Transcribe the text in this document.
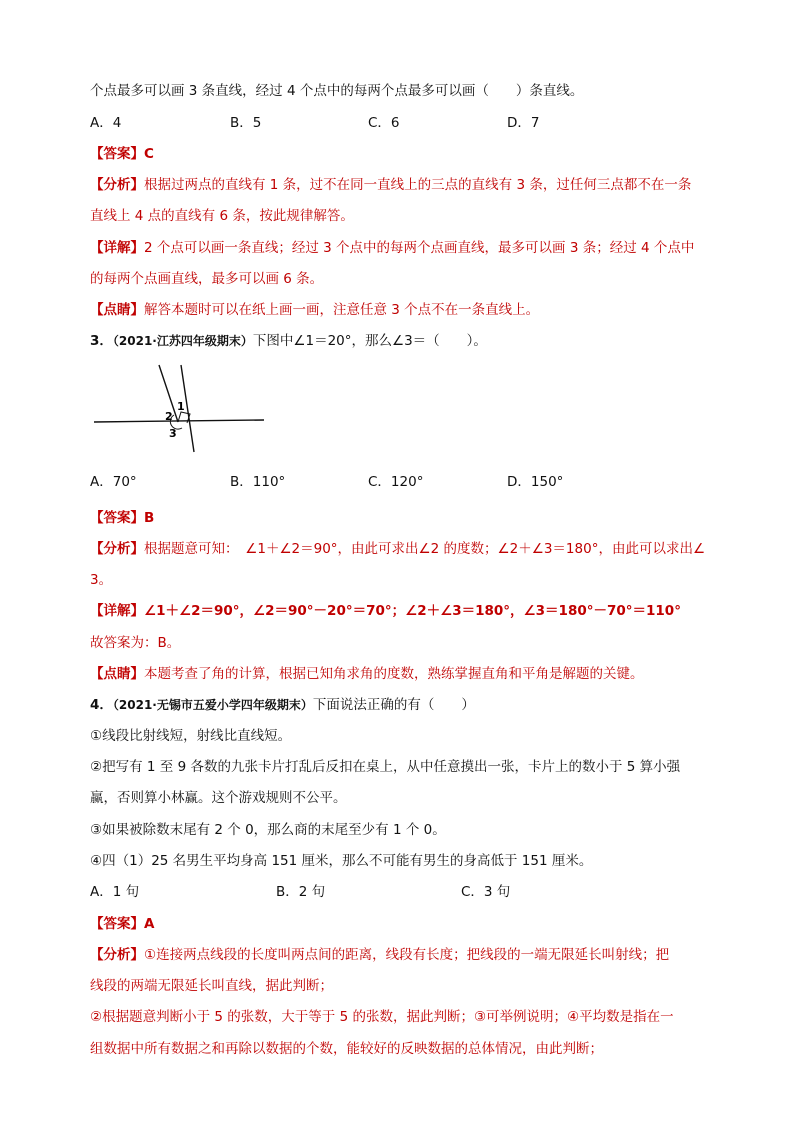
个点最多可以画 3 条直线，经过 4 个点中的每两个点最多可以画（　　）条直线。
A．4	B．5	C．6	D．7
【答案】C
【分析】根据过两点的直线有 1 条，过不在同一直线上的三点的直线有 3 条，过任何三点都不在一条
直线上 4 点的直线有 6 条，按此规律解答。
【详解】2 个点可以画一条直线；经过 3 个点中的每两个点画直线，最多可以画 3 条；经过 4 个点中
的每两个点画直线，最多可以画 6 条。
【点睛】解答本题时可以在纸上画一画，注意任意 3 个点不在一条直线上。
3．（2021·江苏四年级期末）下图中∠1＝20°，那么∠3＝（　　）。
1
2
3
A．70°	B．110°	C．120°	D．150°
【答案】B
【分析】根据题意可知：　∠1＋∠2＝90°，由此可求出∠2 的度数；∠2＋∠3＝180°，由此可以求出∠
3。
【详解】∠1＋∠2＝90°，∠2＝90°－20°＝70°；∠2＋∠3＝180°，∠3＝180°－70°＝110°
故答案为：B。
【点睛】本题考查了角的计算，根据已知角求角的度数，熟练掌握直角和平角是解题的关键。
4．（2021·无锡市五爱小学四年级期末）下面说法正确的有（　　）
①线段比射线短，射线比直线短。
②把写有 1 至 9 各数的九张卡片打乱后反扣在桌上，从中任意摸出一张，卡片上的数小于 5 算小强
赢，否则算小林赢。这个游戏规则不公平。
③如果被除数末尾有 2 个 0，那么商的末尾至少有 1 个 0。
④四（1）25 名男生平均身高 151 厘米，那么不可能有男生的身高低于 151 厘米。
A．1 句	B．2 句	C．3 句
【答案】A
【分析】①连接两点线段的长度叫两点间的距离，线段有长度；把线段的一端无限延长叫射线；把
线段的两端无限延长叫直线，据此判断；
②根据题意判断小于 5 的张数，大于等于 5 的张数，据此判断；③可举例说明；④平均数是指在一
组数据中所有数据之和再除以数据的个数，能较好的反映数据的总体情况，由此判断；
